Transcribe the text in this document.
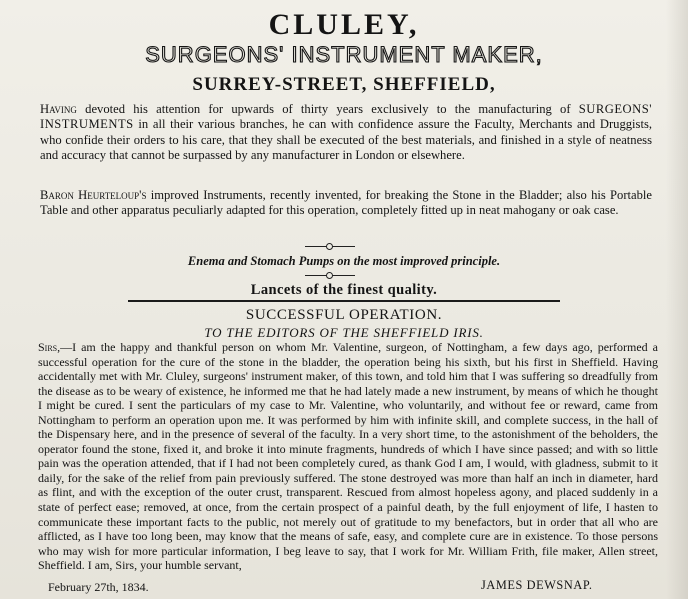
CLULEY,
SURGEONS' INSTRUMENT MAKER,
SURREY-STREET, SHEFFIELD,
Having devoted his attention for upwards of thirty years exclusively to the manufacturing of SURGEONS' INSTRUMENTS in all their various branches, he can with confidence assure the Faculty, Merchants and Druggists, who confide their orders to his care, that they shall be executed of the best materials, and finished in a style of neatness and accuracy that cannot be surpassed by any manufacturer in London or elsewhere.
Baron Heurteloup's improved Instruments, recently invented, for breaking the Stone in the Bladder; also his Portable Table and other apparatus peculiarly adapted for this operation, completely fitted up in neat mahogany or oak case.
Enema and Stomach Pumps on the most improved principle.
Lancets of the finest quality.
SUCCESSFUL OPERATION.
TO THE EDITORS OF THE SHEFFIELD IRIS.
Sirs,—I am the happy and thankful person on whom Mr. Valentine, surgeon, of Nottingham, a few days ago, performed a successful operation for the cure of the stone in the bladder, the operation being his sixth, but his first in Sheffield. Having accidentally met with Mr. Cluley, surgeons' instrument maker, of this town, and told him that I was suffering so dreadfully from the disease as to be weary of existence, he informed me that he had lately made a new instrument, by means of which he thought I might be cured. I sent the particulars of my case to Mr. Valentine, who voluntarily, and without fee or reward, came from Nottingham to perform an operation upon me. It was performed by him with infinite skill, and complete success, in the hall of the Dispensary here, and in the presence of several of the faculty. In a very short time, to the astonishment of the beholders, the operator found the stone, fixed it, and broke it into minute fragments, hundreds of which I have since passed; and with so little pain was the operation attended, that if I had not been completely cured, as thank God I am, I would, with gladness, submit to it daily, for the sake of the relief from pain previously suffered. The stone destroyed was more than half an inch in diameter, hard as flint, and with the exception of the outer crust, transparent. Rescued from almost hopeless agony, and placed suddenly in a state of perfect ease; removed, at once, from the certain prospect of a painful death, by the full enjoyment of life, I hasten to communicate these important facts to the public, not merely out of gratitude to my benefactors, but in order that all who are afflicted, as I have too long been, may know that the means of safe, easy, and complete cure are in existence. To those persons who may wish for more particular information, I beg leave to say, that I work for Mr. William Frith, file maker, Allen street, Sheffield. I am, Sirs, your humble servant,
February 27th, 1834.	JAMES DEWSNAP.
